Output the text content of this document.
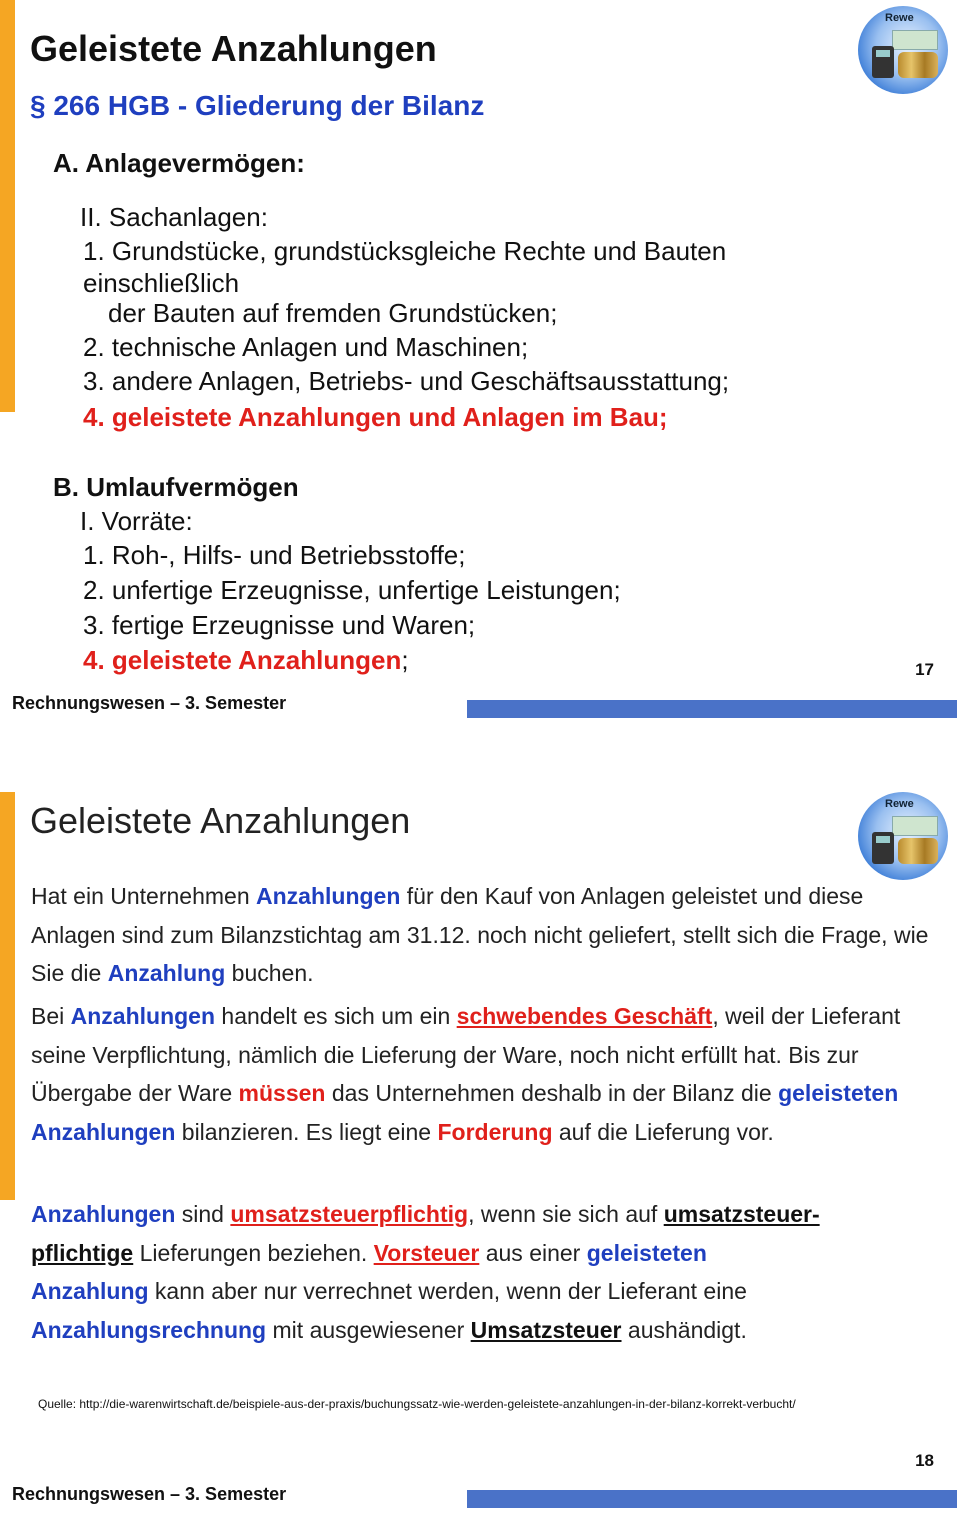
Geleistete Anzahlungen
Rewe
§ 266 HGB - Gliederung der Bilanz
A. Anlagevermögen:
II. Sachanlagen:
1. Grundstücke, grundstücksgleiche Rechte und Bauten
einschließlich
der Bauten auf fremden Grundstücken;
2. technische Anlagen und Maschinen;
3. andere Anlagen, Betriebs- und Geschäftsausstattung;
4. geleistete Anzahlungen und Anlagen im Bau;
B. Umlaufvermögen
I. Vorräte:
1. Roh-, Hilfs- und Betriebsstoffe;
2. unfertige Erzeugnisse, unfertige Leistungen;
3. fertige Erzeugnisse und Waren;
4. geleistete Anzahlungen;	17
Rechnungswesen – 3. Semester
Geleistete Anzahlungen	Rewe

Hat ein Unternehmen Anzahlungen für den Kauf von Anlagen geleistet und diese Anlagen sind zum Bilanzstichtag am 31.12. noch nicht geliefert, stellt sich die Frage, wie Sie die Anzahlung buchen.

Bei Anzahlungen handelt es sich um ein schwebendes Geschäft, weil der Lieferant seine Verpflichtung, nämlich die Lieferung der Ware, noch nicht erfüllt hat. Bis zur Übergabe der Ware müssen das Unternehmen deshalb in der Bilanz die geleisteten Anzahlungen bilanzieren. Es liegt eine Forderung auf die Lieferung vor.

Anzahlungen sind umsatzsteuerpflichtig, wenn sie sich auf umsatzsteuer-
pflichtige Lieferungen beziehen. Vorsteuer aus einer geleisteten
Anzahlung kann aber nur verrechnet werden, wenn der Lieferant eine Anzahlungsrechnung mit ausgewiesener Umsatzsteuer aushändigt.

Quelle: http://die-warenwirtschaft.de/beispiele-aus-der-praxis/buchungssatz-wie-werden-geleistete-anzahlungen-in-der-bilanz-korrekt-verbucht/
18
Rechnungswesen – 3. Semester
